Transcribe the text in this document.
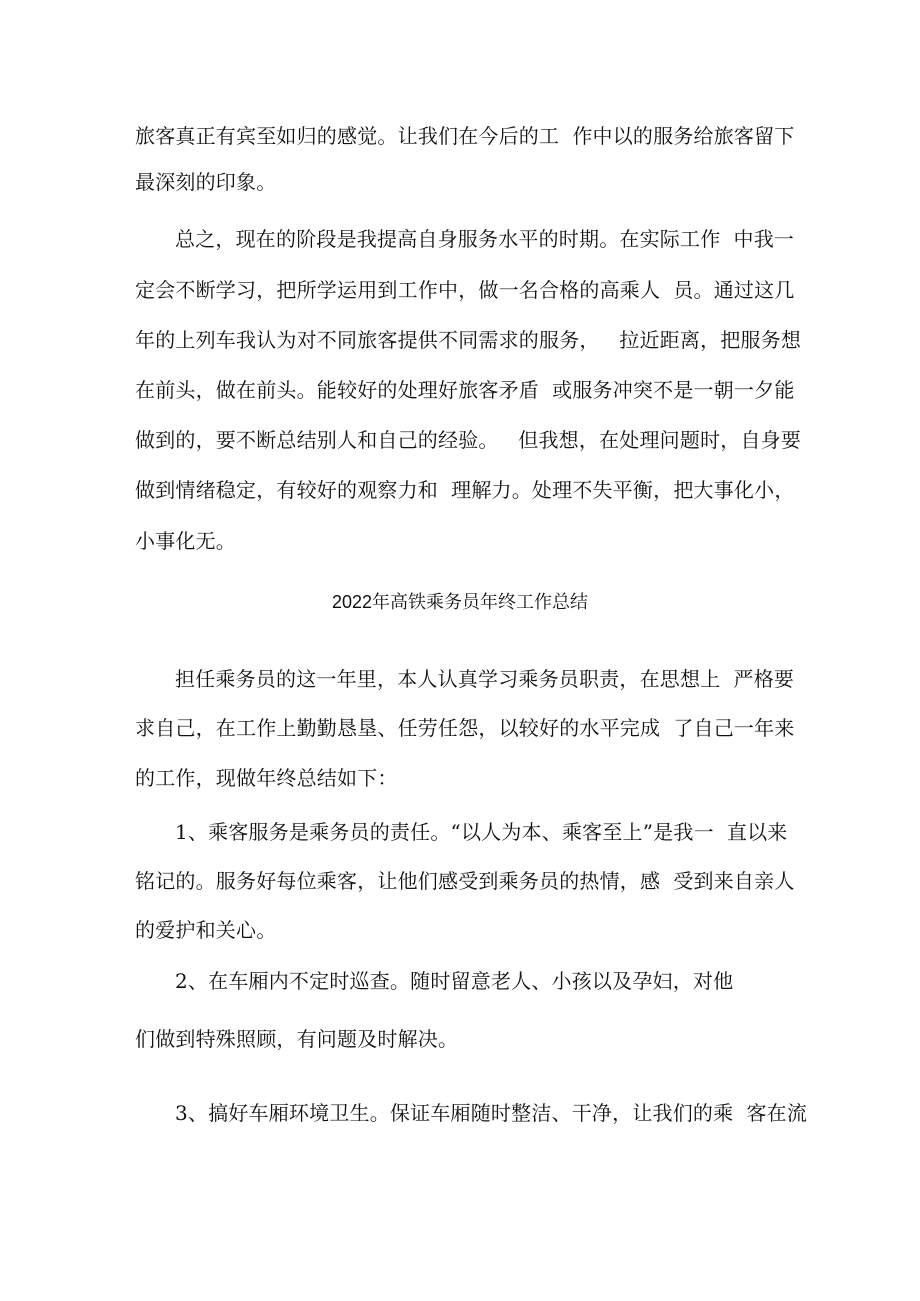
旅客真正有宾至如归的感觉。让我们在今后的工  作中以的服务给旅客留下
最深刻的印象。
总之，现在的阶段是我提高自身服务水平的时期。在实际工作  中我一
定会不断学习，把所学运用到工作中，做一名合格的高乘人  员。通过这几
年的上列车我认为对不同旅客提供不同需求的服务，   拉近距离，把服务想
在前头，做在前头。能较好的处理好旅客矛盾  或服务冲突不是一朝一夕能
做到的，要不断总结别人和自己的经验。   但我想，在处理问题时，自身要
做到情绪稳定，有较好的观察力和  理解力。处理不失平衡，把大事化小，
小事化无。
2022年高铁乘务员年终工作总结
担任乘务员的这一年里，本人认真学习乘务员职责，在思想上  严格要
求自己，在工作上勤勤恳垦、任劳任怨，以较好的水平完成  了自己一年来
的工作，现做年终总结如下：
1、乘客服务是乘务员的责任。“以人为本、乘客至上”是我一  直以来
铭记的。服务好每位乘客，让他们感受到乘务员的热情，感  受到来自亲人
的爱护和关心。
2、在车厢内不定时巡查。随时留意老人、小孩以及孕妇，对他
们做到特殊照顾，有问题及时解决。
3、搞好车厢环境卫生。保证车厢随时整洁、干净，让我们的乘  客在流
